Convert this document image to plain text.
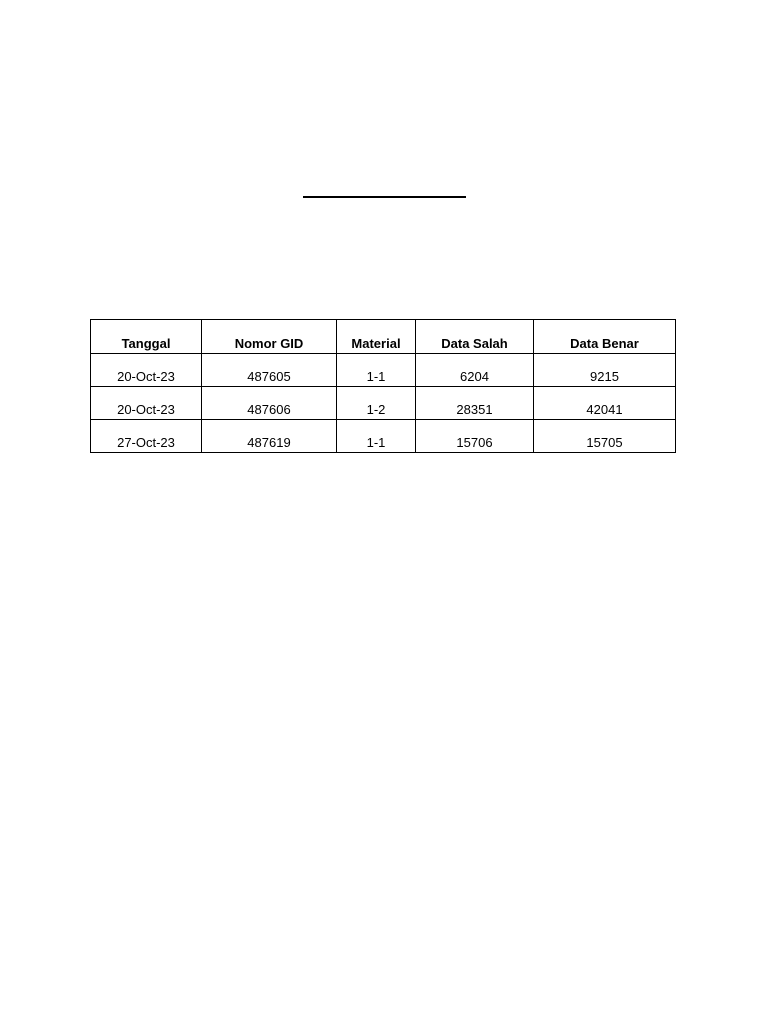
Tanggal	Nomor GID	Material	Data Salah	Data Benar
20-Oct-23	487605	1-1	6204	9215
20-Oct-23	487606	1-2	28351	42041
27-Oct-23	487619	1-1	15706	15705
